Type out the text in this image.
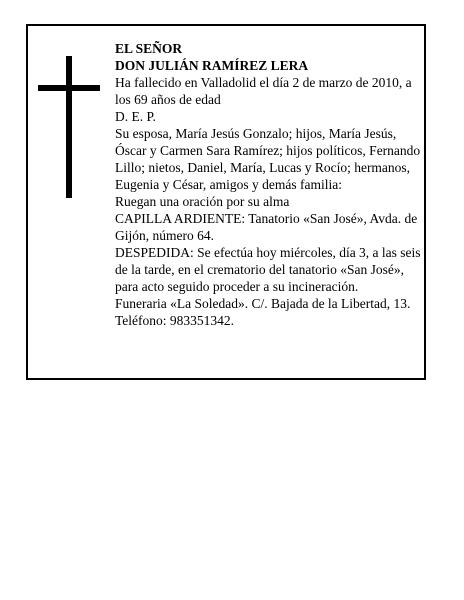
EL SEÑOR

DON JULIÁN RAMÍREZ LERA

Ha fallecido en Valladolid el día 2 de marzo de 2010, a los 69 años de edad

D. E. P.

Su esposa, María Jesús Gonzalo; hijos, María Jesús, Óscar y Carmen Sara Ramírez; hijos políticos, Fernando Lillo; nietos, Daniel, María, Lucas y Rocío; hermanos, Eugenia y César, amigos y demás familia:

Ruegan una oración por su alma

CAPILLA ARDIENTE: Tanatorio «San José», Avda. de Gijón, número 64.

DESPEDIDA: Se efectúa hoy miércoles, día 3, a las seis de la tarde, en el crematorio del tanatorio «San José», para acto seguido proceder a su incineración.

Funeraria «La Soledad». C/. Bajada de la Libertad, 13. Teléfono: 983351342.
